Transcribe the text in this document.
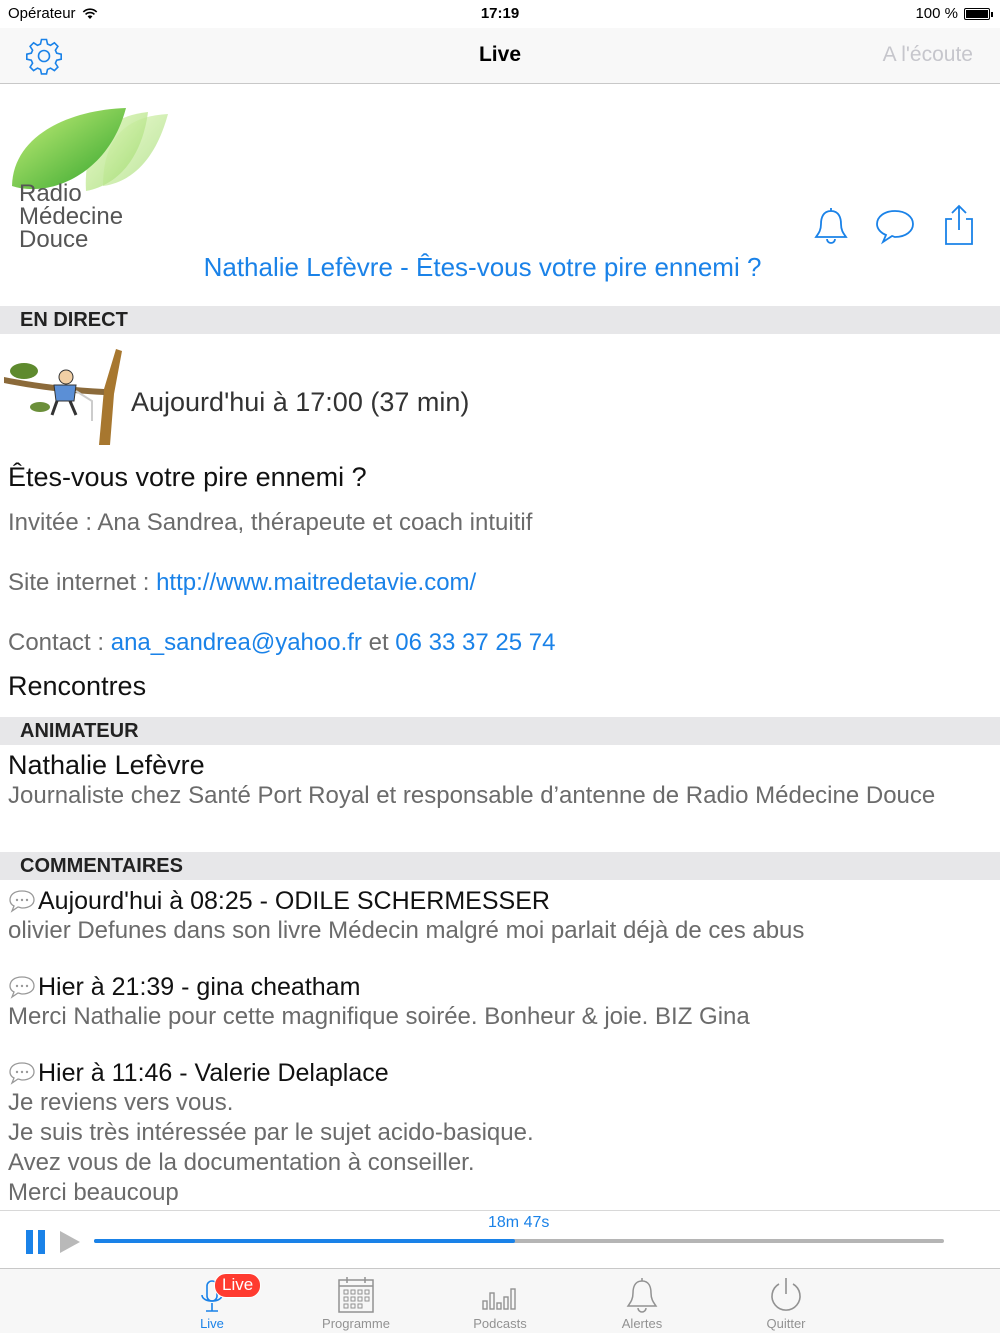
Opérateur	17:19	100 %
Live	A l'écoute
Radio
Médecine
Douce
Nathalie Lefèvre - Êtes-vous votre pire ennemi ?
EN DIRECT
Aujourd'hui à 17:00 (37 min)
Êtes-vous votre pire ennemi ?
Invitée : Ana Sandrea, thérapeute et coach intuitif
Site internet : http://www.maitredetavie.com/
Contact : ana_sandrea@yahoo.fr et 06 33 37 25 74
Rencontres
ANIMATEUR
Nathalie Lefèvre
Journaliste chez Santé Port Royal et responsable d’antenne de Radio Médecine Douce
COMMENTAIRES
Aujourd'hui à 08:25 - ODILE SCHERMESSER
olivier Defunes dans son livre Médecin malgré moi parlait déjà de ces abus
Hier à 21:39 - gina cheatham
Merci Nathalie pour cette magnifique soirée. Bonheur & joie. BIZ Gina
Hier à 11:46 - Valerie Delaplace
Je reviens vers vous.
Je suis très intéressée par le sujet acido-basique.
Avez vous de la documentation à conseiller.
Merci beaucoup
18m 47s
Live
Live	Programme	Podcasts	Alertes	Quitter
